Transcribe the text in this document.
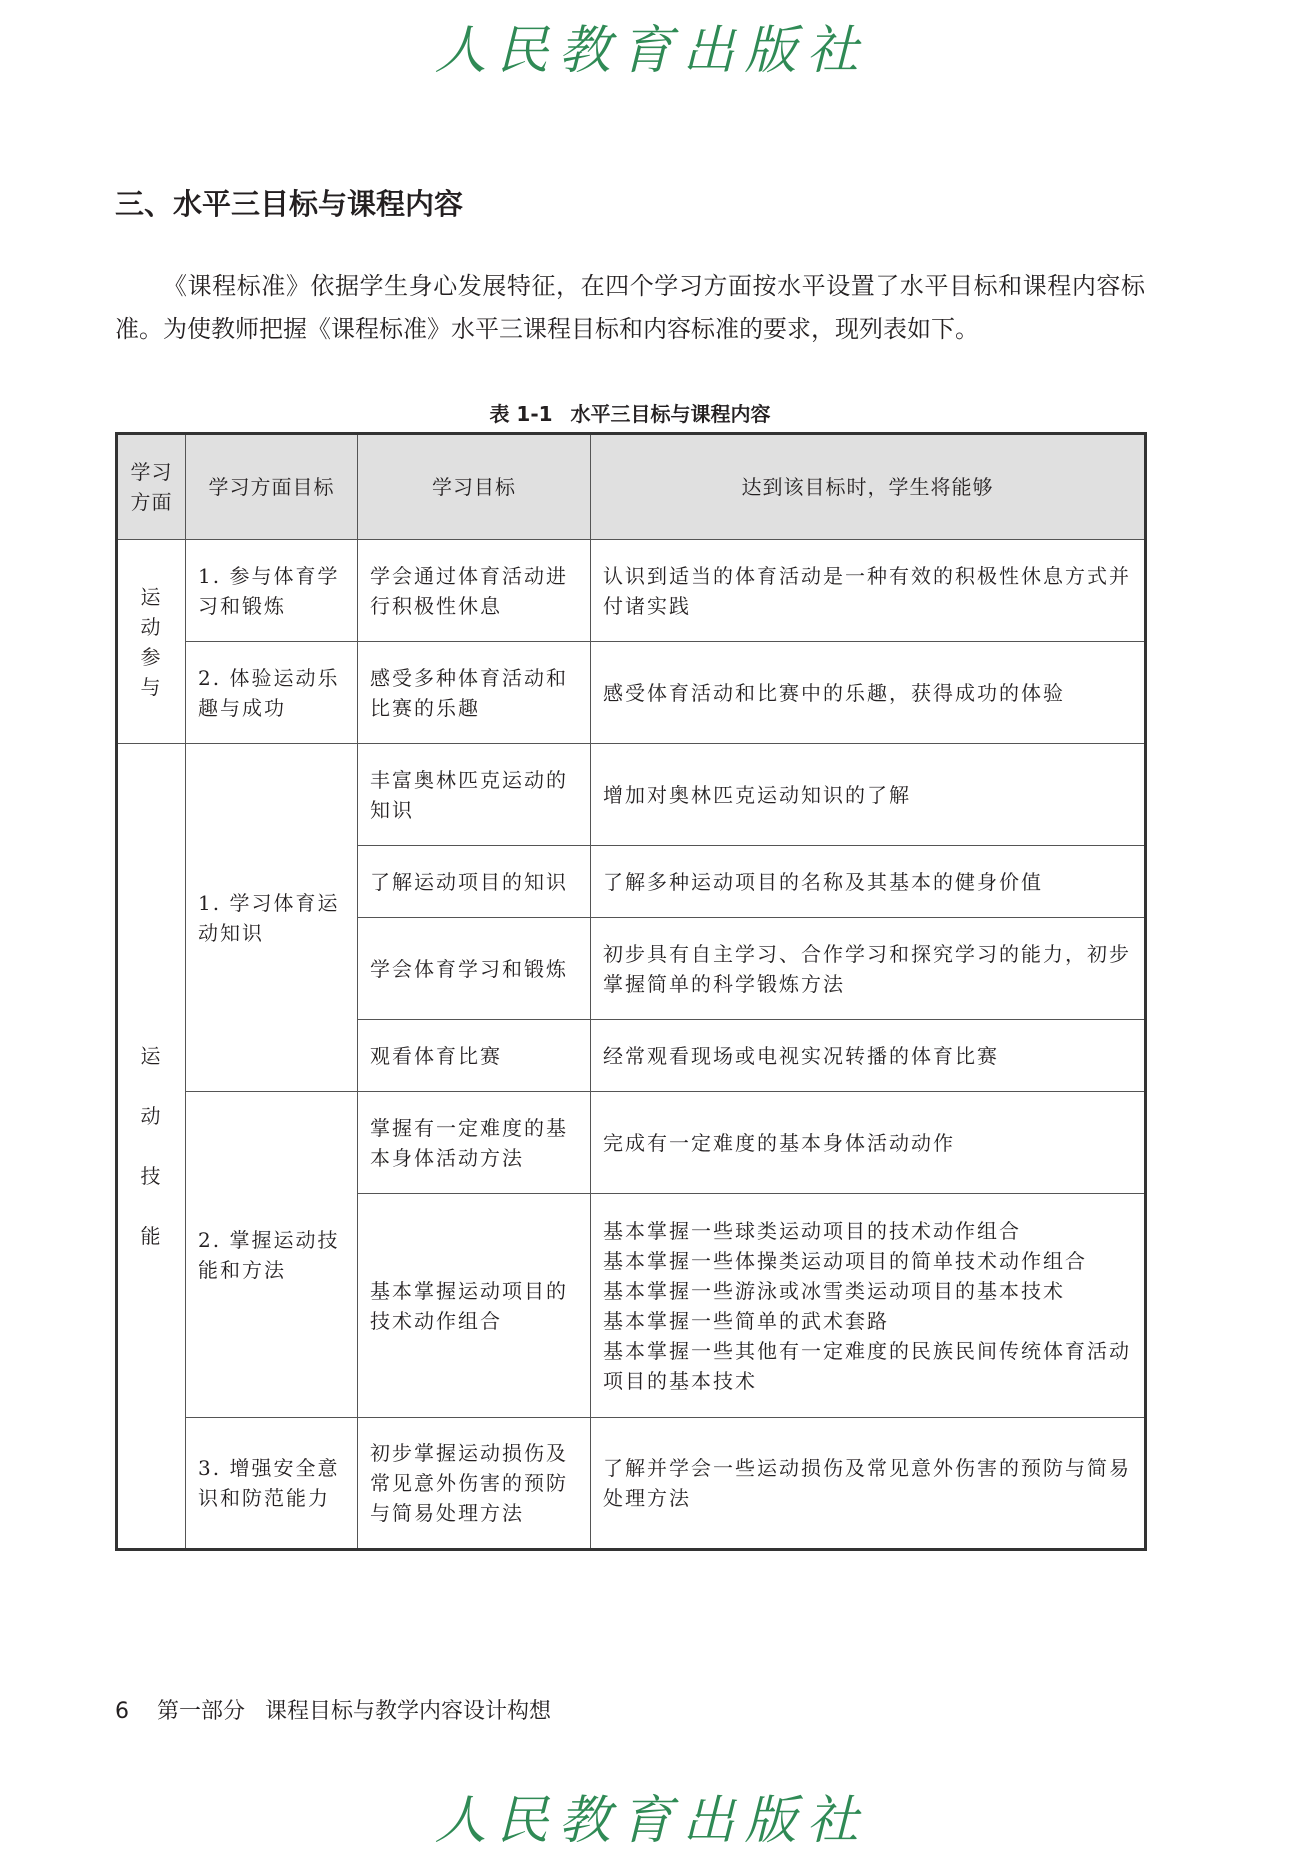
人民教育出版社
三、水平三目标与课程内容

《课程标准》依据学生身心发展特征，在四个学习方面按水平设置了水平目标和课程内容标准。为使教师把握《课程标准》水平三课程目标和内容标准的要求，现列表如下。

表 1-1 水平三目标与课程内容
学习
方面	学习方面目标	学习目标	达到该目标时，学生将能够

运
动
参
与	1. 参与体育学习和锻炼	学会通过体育活动进行积极性休息	认识到适当的体育活动是一种有效的积极性休息方式并付诸实践

	2. 体验运动乐趣与成功	感受多种体育活动和比赛的乐趣	感受体育活动和比赛中的乐趣，获得成功的体验

运
动
技
能	1. 学习体育运动知识	丰富奥林匹克运动的知识	增加对奥林匹克运动知识的了解

		了解运动项目的知识	了解多种运动项目的名称及其基本的健身价值

		学会体育学习和锻炼	初步具有自主学习、合作学习和探究学习的能力，初步掌握简单的科学锻炼方法

		观看体育比赛	经常观看现场或电视实况转播的体育比赛

	2. 掌握运动技能和方法	掌握有一定难度的基本身体活动方法	完成有一定难度的基本身体活动动作

		基本掌握运动项目的技术动作组合	基本掌握一些球类运动项目的技术动作组合
基本掌握一些体操类运动项目的简单技术动作组合
基本掌握一些游泳或冰雪类运动项目的基本技术
基本掌握一些简单的武术套路
基本掌握一些其他有一定难度的民族民间传统体育活动项目的基本技术

	3. 增强安全意识和防范能力	初步掌握运动损伤及常见意外伤害的预防与简易处理方法	了解并学会一些运动损伤及常见意外伤害的预防与简易处理方法
6 第一部分 课程目标与教学内容设计构想
人民教育出版社
